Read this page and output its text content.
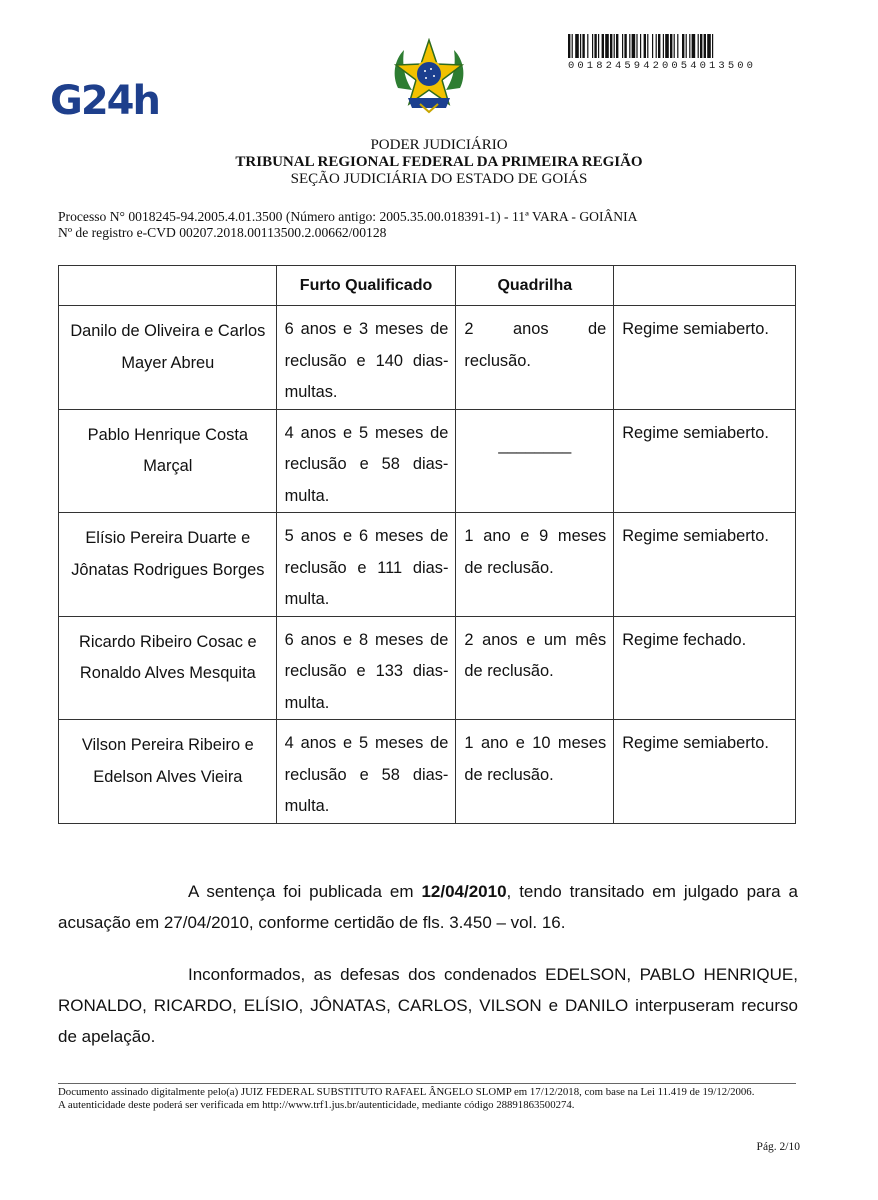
G24h
00182459420054013500
PODER JUDICIÁRIO
TRIBUNAL REGIONAL FEDERAL DA PRIMEIRA REGIÃO
SEÇÃO JUDICIÁRIA DO ESTADO DE GOIÁS
Processo N° 0018245-94.2005.4.01.3500 (Número antigo: 2005.35.00.018391-1) - 11ª VARA - GOIÂNIA
Nº de registro e-CVD 00207.2018.00113500.2.00662/00128
	Furto Qualificado	Quadrilha	

Danilo de Oliveira e Carlos Mayer Abreu	6 anos e 3 meses de reclusão e 140 dias-multas.	2 anos de reclusão.	Regime semiaberto.

Pablo Henrique Costa Marçal	4 anos e 5 meses de reclusão e 58 dias-multa.	________	Regime semiaberto.

Elísio Pereira Duarte e Jônatas Rodrigues Borges	5 anos e 6 meses de reclusão e 111 dias-multa.	1 ano e 9 meses de reclusão.	Regime semiaberto.

Ricardo Ribeiro Cosac e Ronaldo Alves Mesquita	6 anos e 8 meses de reclusão e 133 dias-multa.	2 anos e um mês de reclusão.	Regime fechado.

Vilson Pereira Ribeiro e Edelson Alves Vieira	4 anos e 5 meses de reclusão e 58 dias-multa.	1 ano e 10 meses de reclusão.	Regime semiaberto.
A sentença foi publicada em 12/04/2010, tendo transitado em julgado para a acusação em 27/04/2010, conforme certidão de fls. 3.450 – vol. 16.
Inconformados, as defesas dos condenados EDELSON, PABLO HENRIQUE, RONALDO, RICARDO, ELÍSIO, JÔNATAS, CARLOS, VILSON e DANILO interpuseram recurso de apelação.
Documento assinado digitalmente pelo(a) JUIZ FEDERAL SUBSTITUTO RAFAEL ÂNGELO SLOMP em 17/12/2018, com base na Lei 11.419 de 19/12/2006.
A autenticidade deste poderá ser verificada em http://www.trf1.jus.br/autenticidade, mediante código 28891863500274.
Pág. 2/10
